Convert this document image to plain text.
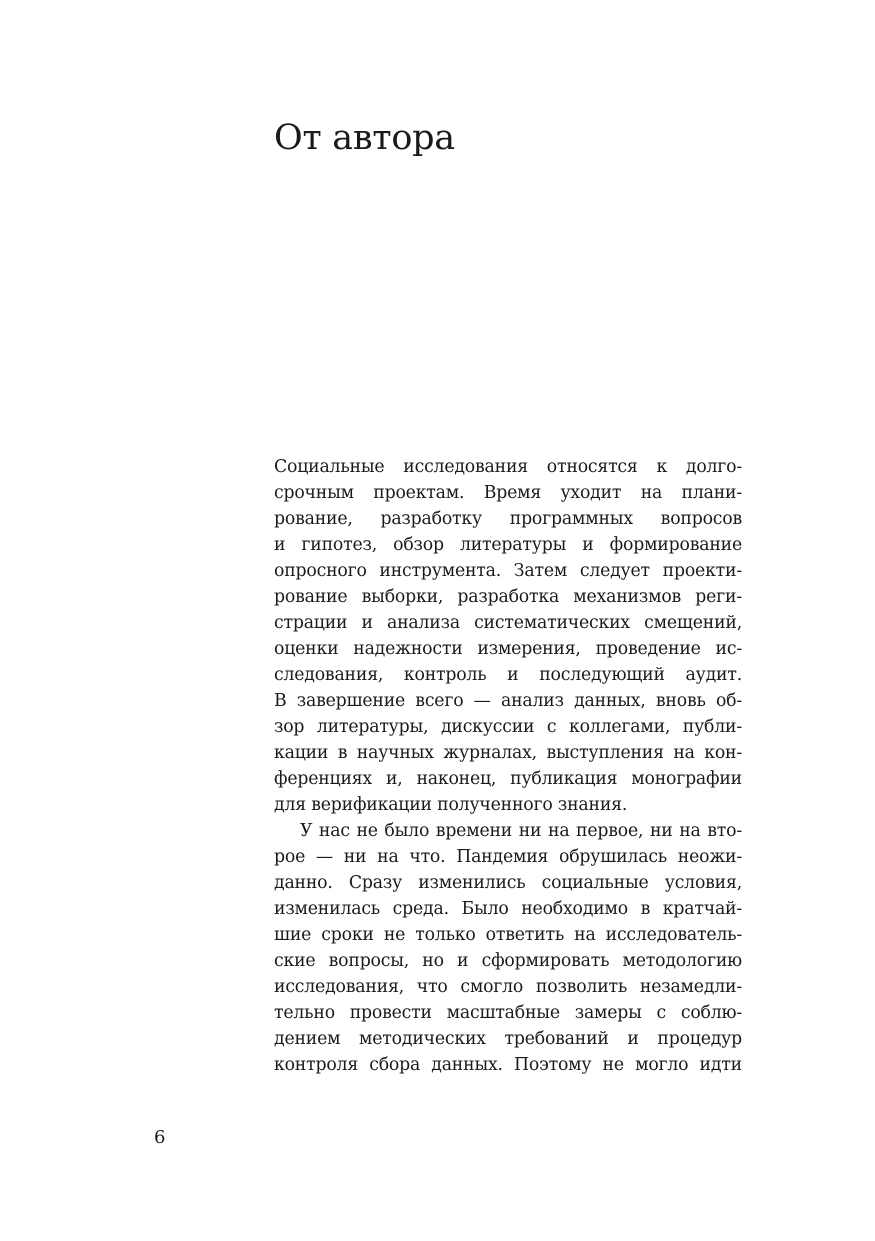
От автора
Социальные исследования относятся к долго-
срочным проектам. Время уходит на плани-
рование, разработку программных вопросов
и гипотез, обзор литературы и формирование
опросного инструмента. Затем следует проекти-
рование выборки, разработка механизмов реги-
страции и анализа систематических смещений,
оценки надежности измерения, проведение ис-
следования, контроль и последующий аудит.
В завершение всего — анализ данных, вновь об-
зор литературы, дискуссии с коллегами, публи-
кации в научных журналах, выступления на кон-
ференциях и, наконец, публикация монографии
для верификации полученного знания.
У нас не было времени ни на первое, ни на вто-
рое — ни на что. Пандемия обрушилась неожи-
данно. Сразу изменились социальные условия,
изменилась среда. Было необходимо в кратчай-
шие сроки не только ответить на исследователь-
ские вопросы, но и сформировать методологию
исследования, что смогло позволить незамедли-
тельно провести масштабные замеры с соблю-
дением методических требований и процедур
контроля сбора данных. Поэтому не могло идти
6
